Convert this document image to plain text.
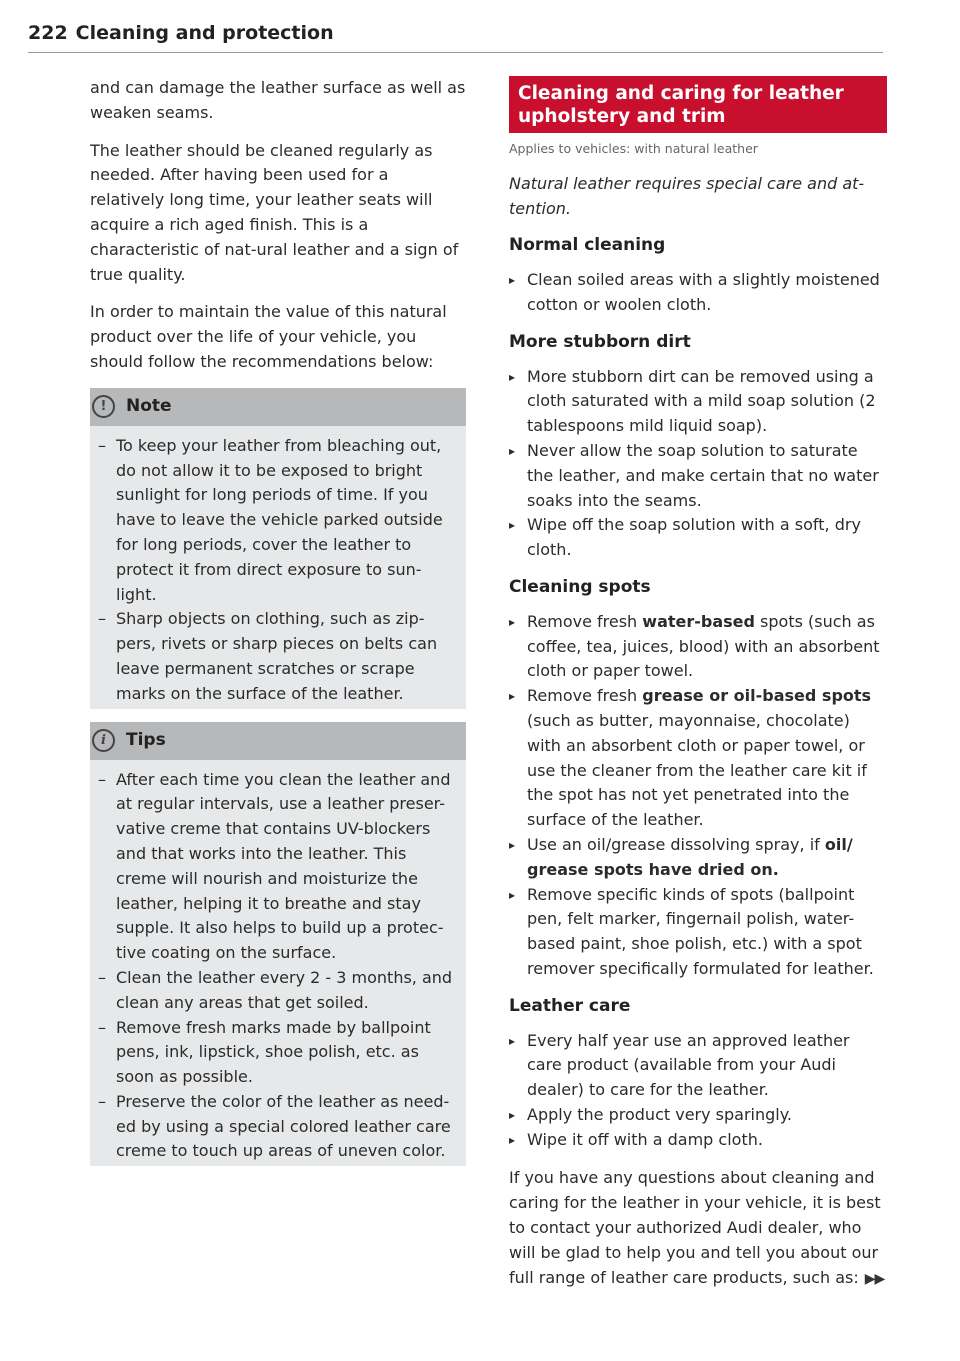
222 Cleaning and protection

and can damage the leather surface as well as weaken seams.

The leather should be cleaned regularly as needed. After having been used for a relatively long time, your leather seats will acquire a rich aged finish. This is a characteristic of nat-ural leather and a sign of true quality.

In order to maintain the value of this natural product over the life of your vehicle, you should follow the recommendations below:

!	Note
– To keep your leather from bleaching out, do not allow it to be exposed to bright sunlight for long periods of time. If you have to leave the vehicle parked outside for long periods, cover the leather to protect it from direct exposure to sun-light.
– Sharp objects on clothing, such as zip-pers, rivets or sharp pieces on belts can leave permanent scratches or scrape marks on the surface of the leather.
i	Tips
– After each time you clean the leather and at regular intervals, use a leather preser-vative creme that contains UV-blockers and that works into the leather. This creme will nourish and moisturize the leather, helping it to breathe and stay supple. It also helps to build up a protec-tive coating on the surface.
– Clean the leather every 2 - 3 months, and clean any areas that get soiled.
– Remove fresh marks made by ballpoint pens, ink, lipstick, shoe polish, etc. as soon as possible.
– Preserve the color of the leather as need-ed by using a special colored leather care creme to touch up areas of uneven color.
Cleaning and caring for leather upholstery and trim
Applies to vehicles: with natural leather
Natural leather requires special care and at-tention.
Normal cleaning
▸ Clean soiled areas with a slightly moistened cotton or woolen cloth.
More stubborn dirt
▸ More stubborn dirt can be removed using a cloth saturated with a mild soap solution (2 tablespoons mild liquid soap).
▸ Never allow the soap solution to saturate the leather, and make certain that no water soaks into the seams.
▸ Wipe off the soap solution with a soft, dry cloth.
Cleaning spots
▸ Remove fresh water-based spots (such as coffee, tea, juices, blood) with an absorbent cloth or paper towel.
▸ Remove fresh grease or oil-based spots (such as butter, mayonnaise, chocolate) with an absorbent cloth or paper towel, or use the cleaner from the leather care kit if the spot has not yet penetrated into the surface of the leather.
▸ Use an oil/grease dissolving spray, if oil/ grease spots have dried on.
▸ Remove specific kinds of spots (ballpoint pen, felt marker, fingernail polish, water-based paint, shoe polish, etc.) with a spot remover specifically formulated for leather.
Leather care
▸ Every half year use an approved leather care product (available from your Audi dealer) to care for the leather.
▸ Apply the product very sparingly.
▸ Wipe it off with a damp cloth.

If you have any questions about cleaning and caring for the leather in your vehicle, it is best to contact your authorized Audi dealer, who will be glad to help you and tell you about our full range of leather care products, such as: ▶▶
